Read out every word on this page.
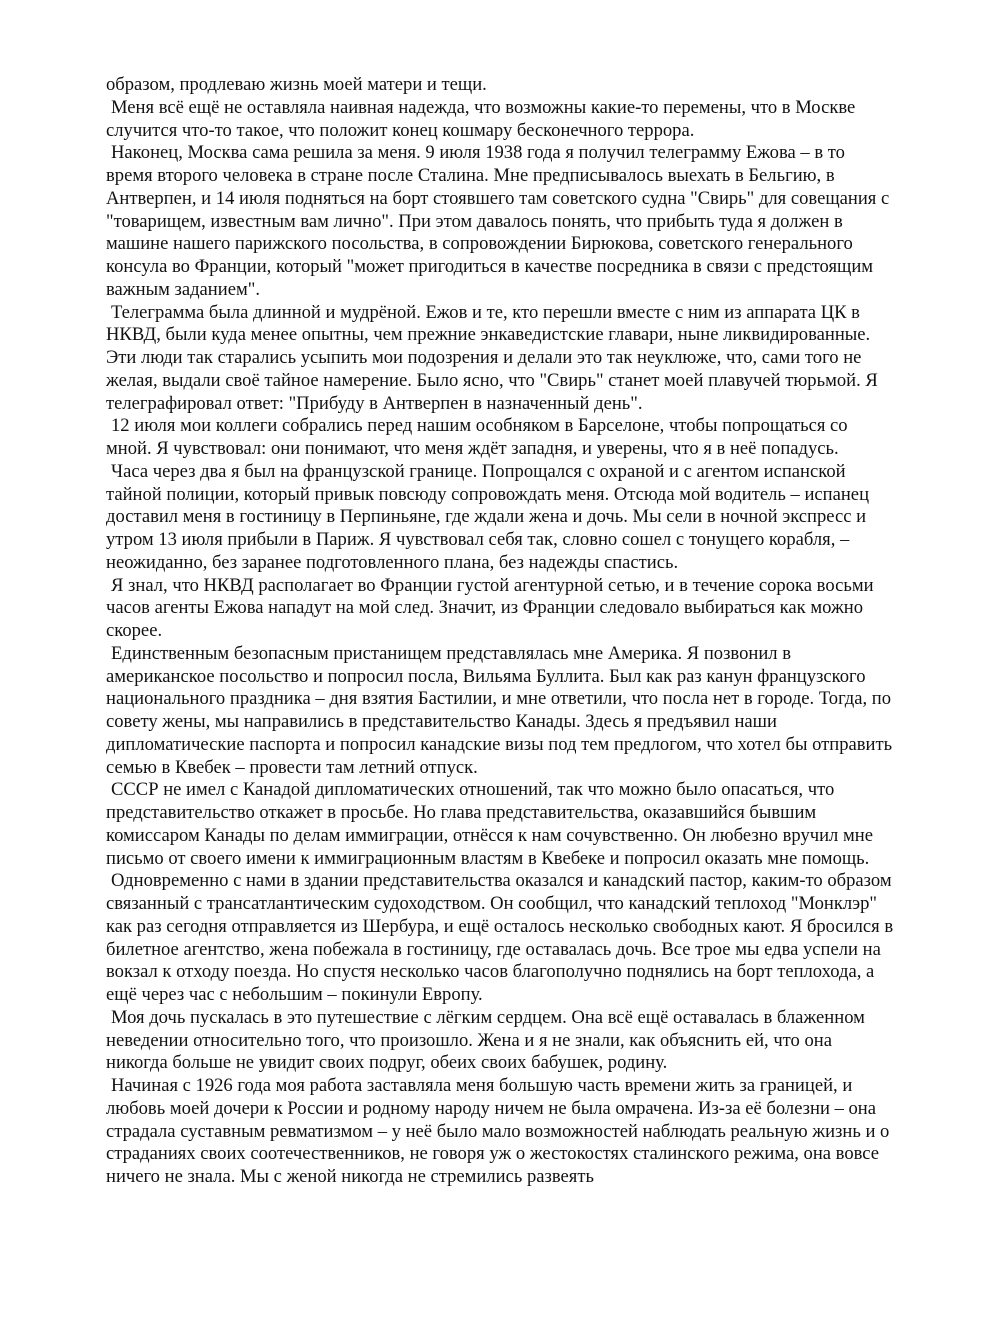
образом, продлеваю жизнь моей матери и тещи.

Меня всё ещё не оставляла наивная надежда, что возможны какие-то перемены, что в Москве случится что-то такое, что положит конец кошмару бесконечного террора.

Наконец, Москва сама решила за меня. 9 июля 1938 года я получил телеграмму Ежова – в то время второго человека в стране после Сталина. Мне предписывалось выехать в Бельгию, в Антверпен, и 14 июля подняться на борт стоявшего там советского судна "Свирь" для совещания с "товарищем, известным вам лично". При этом давалось понять, что прибыть туда я должен в машине нашего парижского посольства, в сопровождении Бирюкова, советского генерального консула во Франции, который "может пригодиться в качестве посредника в связи с предстоящим важным заданием".

Телеграмма была длинной и мудрёной. Ежов и те, кто перешли вместе с ним из аппарата ЦК в НКВД, были куда менее опытны, чем прежние энкаведистские главари, ныне ликвидированные. Эти люди так старались усыпить мои подозрения и делали это так неуклюже, что, сами того не желая, выдали своё тайное намерение. Было ясно, что "Свирь" станет моей плавучей тюрьмой. Я телеграфировал ответ: "Прибуду в Антверпен в назначенный день".

12 июля мои коллеги собрались перед нашим особняком в Барселоне, чтобы попрощаться со мной. Я чувствовал: они понимают, что меня ждёт западня, и уверены, что я в неё попадусь.

Часа через два я был на французской границе. Попрощался с охраной и с агентом испанской тайной полиции, который привык повсюду сопровождать меня. Отсюда мой водитель – испанец доставил меня в гостиницу в Перпиньяне, где ждали жена и дочь. Мы сели в ночной экспресс и утром 13 июля прибыли в Париж. Я чувствовал себя так, словно сошел с тонущего корабля, – неожиданно, без заранее подготовленного плана, без надежды спастись.

Я знал, что НКВД располагает во Франции густой агентурной сетью, и в течение сорока восьми часов агенты Ежова нападут на мой след. Значит, из Франции следовало выбираться как можно скорее.

Единственным безопасным пристанищем представлялась мне Америка. Я позвонил в американское посольство и попросил посла, Вильяма Буллита. Был как раз канун французского национального праздника – дня взятия Бастилии, и мне ответили, что посла нет в городе. Тогда, по совету жены, мы направились в представительство Канады. Здесь я предъявил наши дипломатические паспорта и попросил канадские визы под тем предлогом, что хотел бы отправить семью в Квебек – провести там летний отпуск.

СССР не имел с Канадой дипломатических отношений, так что можно было опасаться, что представительство откажет в просьбе. Но глава представительства, оказавшийся бывшим комиссаром Канады по делам иммиграции, отнёсся к нам сочувственно. Он любезно вручил мне письмо от своего имени к иммиграционным властям в Квебеке и попросил оказать мне помощь.

Одновременно с нами в здании представительства оказался и канадский пастор, каким-то образом связанный с трансатлантическим судоходством. Он сообщил, что канадский теплоход "Монклэр" как раз сегодня отправляется из Шербура, и ещё осталось несколько свободных кают. Я бросился в билетное агентство, жена побежала в гостиницу, где оставалась дочь. Все трое мы едва успели на вокзал к отходу поезда. Но спустя несколько часов благополучно поднялись на борт теплохода, а ещё через час с небольшим – покинули Европу.

Моя дочь пускалась в это путешествие с лёгким сердцем. Она всё ещё оставалась в блаженном неведении относительно того, что произошло. Жена и я не знали, как объяснить ей, что она никогда больше не увидит своих подруг, обеих своих бабушек, родину.

Начиная с 1926 года моя работа заставляла меня большую часть времени жить за границей, и любовь моей дочери к России и родному народу ничем не была омрачена. Из-за её болезни – она страдала суставным ревматизмом – у неё было мало возможностей наблюдать реальную жизнь и о страданиях своих соотечественников, не говоря уж о жестокостях сталинского режима, она вовсе ничего не знала. Мы с женой никогда не стремились развеять
